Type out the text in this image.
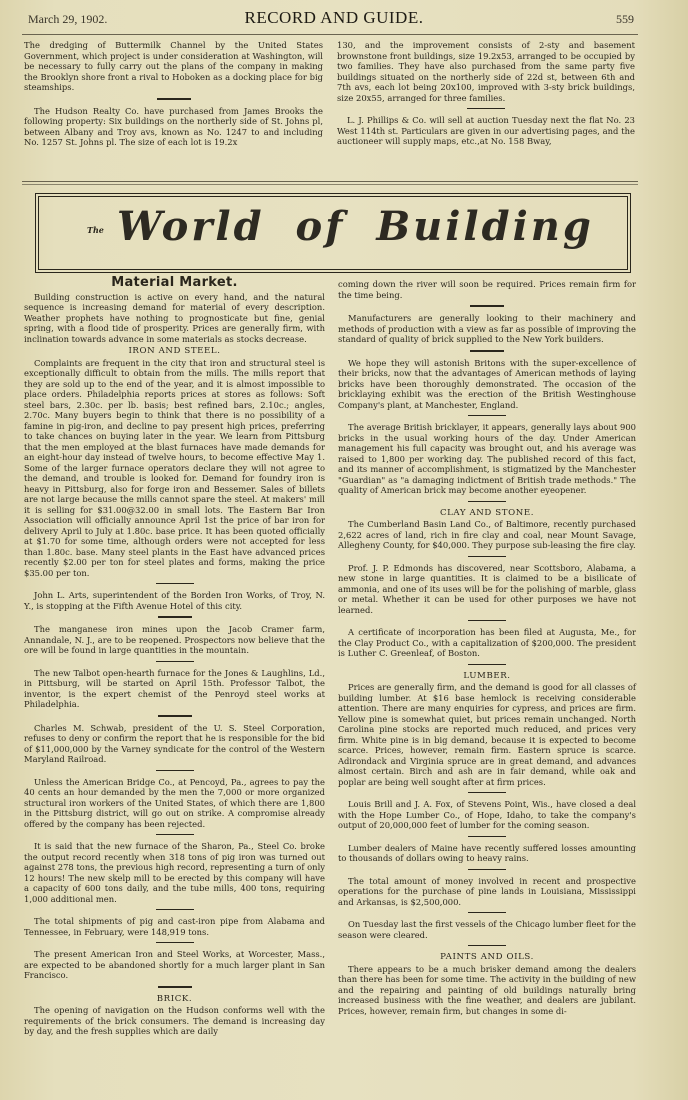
March 29, 1902.	RECORD AND GUIDE.	559

The dredging of Buttermilk Channel by the United States Government, which project is under consideration at Washington, will be necessary to fully carry out the plans of the company in making the Brooklyn shore front a rival to Hoboken as a docking place for big steamships.

The Hudson Realty Co. have purchased from James Brooks the following property: Six buildings on the northerly side of St. Johns pl, between Albany and Troy avs, known as No. 1247 to and including No. 1257 St. Johns pl. The size of each lot is 19.2x

130, and the improvement consists of 2-sty and basement brownstone front buildings, size 19.2x53, arranged to be occupied by two families. They have also purchased from the same party five buildings situated on the northerly side of 22d st, between 6th and 7th avs, each lot being 20x100, improved with 3-sty brick buildings, size 20x55, arranged for three families.

L. J. Phillips & Co. will sell at auction Tuesday next the flat No. 23 West 114th st. Particulars are given in our advertising pages, and the auctioneer will supply maps, etc.,at No. 158 Bway,

The World of Building
Material Market.

Building construction is active on every hand, and the natural sequence is increasing demand for material of every description. Weather prophets have nothing to prognosticate but fine, genial spring, with a flood tide of prosperity. Prices are generally firm, with inclination towards advance in some materials as stocks decrease.

IRON AND STEEL.

Complaints are frequent in the city that iron and structural steel is exceptionally difficult to obtain from the mills. The mills report that they are sold up to the end of the year, and it is almost impossible to place orders. Philadelphia reports prices at stores as follows: Soft steel bars, 2.30c. per lb. basis; best refined bars, 2.10c.; angles, 2.70c. Many buyers begin to think that there is no possibility of a famine in pig-iron, and decline to pay present high prices, preferring to take chances on buying later in the year. We learn from Pittsburg that the men employed at the blast furnaces have made demands for an eight-hour day instead of twelve hours, to become effective May 1. Some of the larger furnace operators declare they will not agree to the demand, and trouble is looked for. Demand for foundry iron is heavy in Pittsburg, also for forge iron and Bessemer. Sales of billets are not large because the mills cannot spare the steel. At makers' mill it is selling for $31.00@32.00 in small lots. The Eastern Bar Iron Association will officially announce April 1st the price of bar iron for delivery April to July at 1.80c. base price. It has been quoted officially at $1.70 for some time, although orders were not accepted for less than 1.80c. base. Many steel plants in the East have advanced prices recently $2.00 per ton for steel plates and forms, making the price $35.00 per ton.

John L. Arts, superintendent of the Borden Iron Works, of Troy, N. Y., is stopping at the Fifth Avenue Hotel of this city.

The manganese iron mines upon the Jacob Cramer farm, Annandale, N. J., are to be reopened. Prospectors now believe that the ore will be found in large quantities in the mountain.

The new Talbot open-hearth furnace for the Jones & Laughlins, Ld., in Pittsburg, will be started on April 15th. Professor Talbot, the inventor, is the expert chemist of the Penroyd steel works at Philadelphia.

Charles M. Schwab, president of the U. S. Steel Corporation, refuses to deny or confirm the report that he is responsible for the bid of $11,000,000 by the Varney syndicate for the control of the Western Maryland Railroad.

Unless the American Bridge Co., at Pencoyd, Pa., agrees to pay the 40 cents an hour demanded by the men the 7,000 or more organized structural iron workers of the United States, of which there are 1,800 in the Pittsburg district, will go out on strike. A compromise already offered by the company has been rejected.

It is said that the new furnace of the Sharon, Pa., Steel Co. broke the output record recently when 318 tons of pig iron was turned out against 278 tons, the previous high record, representing a turn of only 12 hours! The new skelp mill to be erected by this company will have a capacity of 600 tons daily, and the tube mills, 400 tons, requiring 1,000 additional men.

The total shipments of pig and cast-iron pipe from Alabama and Tennessee, in February, were 148,919 tons.

The present American Iron and Steel Works, at Worcester, Mass., are expected to be abandoned shortly for a much larger plant in San Francisco.

BRICK.

The opening of navigation on the Hudson conforms well with the requirements of the brick consumers. The demand is increasing day by day, and the fresh supplies which are daily

coming down the river will soon be required. Prices remain firm for the time being.

Manufacturers are generally looking to their machinery and methods of production with a view as far as possible of improving the standard of quality of brick supplied to the New York builders.

We hope they will astonish Britons with the super-excellence of their bricks, now that the advantages of American methods of laying bricks have been thoroughly demonstrated. The occasion of the bricklaying exhibit was the erection of the British Westinghouse Company's plant, at Manchester, England.

The average British bricklayer, it appears, generally lays about 900 bricks in the usual working hours of the day. Under American management his full capacity was brought out, and his average was raised to 1,800 per working day. The published record of this fact, and its manner of accomplishment, is stigmatized by the Manchester "Guardian" as "a damaging indictment of British trade methods." The quality of American brick may become another eyeopener.

CLAY AND STONE.

The Cumberland Basin Land Co., of Baltimore, recently purchased 2,622 acres of land, rich in fire clay and coal, near Mount Savage, Allegheny County, for $40,000. They purpose sub-leasing the fire clay.

Prof. J. P. Edmonds has discovered, near Scottsboro, Alabama, a new stone in large quantities. It is claimed to be a bisilicate of ammonia, and one of its uses will be for the polishing of marble, glass or metal. Whether it can be used for other purposes we have not learned.

A certificate of incorporation has been filed at Augusta, Me., for the Clay Product Co., with a capitalization of $200,000. The president is Luther C. Greenleaf, of Boston.

LUMBER.

Prices are generally firm, and the demand is good for all classes of building lumber. At $16 base hemlock is receiving considerable attention. There are many enquiries for cypress, and prices are firm. Yellow pine is somewhat quiet, but prices remain unchanged. North Carolina pine stocks are reported much reduced, and prices very firm. White pine is in big demand, because it is expected to become scarce. Prices, however, remain firm. Eastern spruce is scarce. Adirondack and Virginia spruce are in great demand, and advances almost certain. Birch and ash are in fair demand, while oak and poplar are being well sought after at firm prices.

Louis Brill and J. A. Fox, of Stevens Point, Wis., have closed a deal with the Hope Lumber Co., of Hope, Idaho, to take the company's output of 20,000,000 feet of lumber for the coming season.

Lumber dealers of Maine have recently suffered losses amounting to thousands of dollars owing to heavy rains.

The total amount of money involved in recent and prospective operations for the purchase of pine lands in Louisiana, Mississippi and Arkansas, is $2,500,000.

On Tuesday last the first vessels of the Chicago lumber fleet for the season were cleared.

PAINTS AND OILS.

There appears to be a much brisker demand among the dealers than there has been for some time. The activity in the building of new and the repairing and painting of old buildings naturally bring increased business with the fine weather, and dealers are jubilant. Prices, however, remain firm, but changes in some di-
